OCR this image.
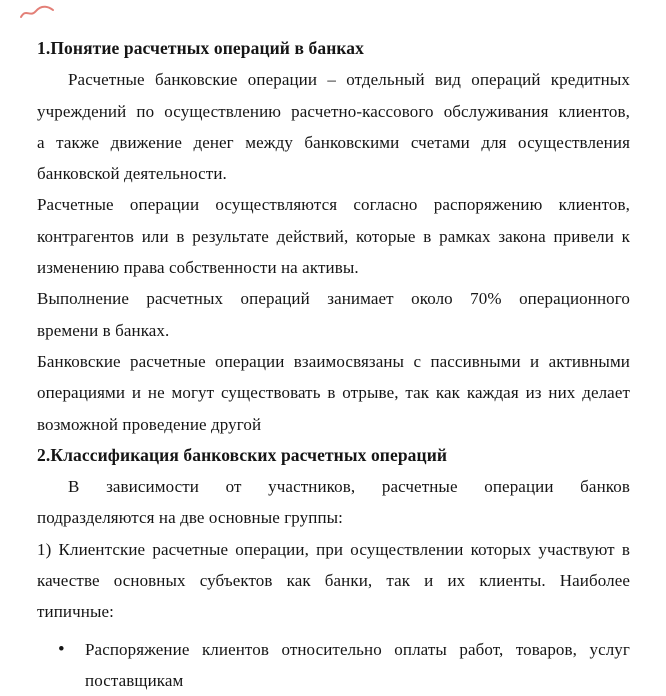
1.Понятие расчетных операций в банках
Расчетные банковские операции – отдельный вид операций кредитных
учреждений по осуществлению расчетно-кассового обслуживания клиентов,
а также движение денег между банковскими счетами для осуществления
банковской деятельности.
Расчетные операции осуществляются согласно распоряжению клиентов,
контрагентов или в результате действий, которые в рамках закона привели к
изменению права собственности на активы.
Выполнение расчетных операций занимает около 70% операционного
времени в банках.
Банковские расчетные операции взаимосвязаны с пассивными и активными
операциями и не могут существовать в отрыве, так как каждая из них делает
возможной проведение другой
2.Классификация банковских расчетных операций
В зависимости от участников, расчетные операции банков
подразделяются на две основные группы:
1) Клиентские расчетные операции, при осуществлении которых участвуют в
качестве основных субъектов как банки, так и их клиенты. Наиболее
типичные:
• Распоряжение клиентов относительно оплаты работ, товаров, услуг
поставщикам
